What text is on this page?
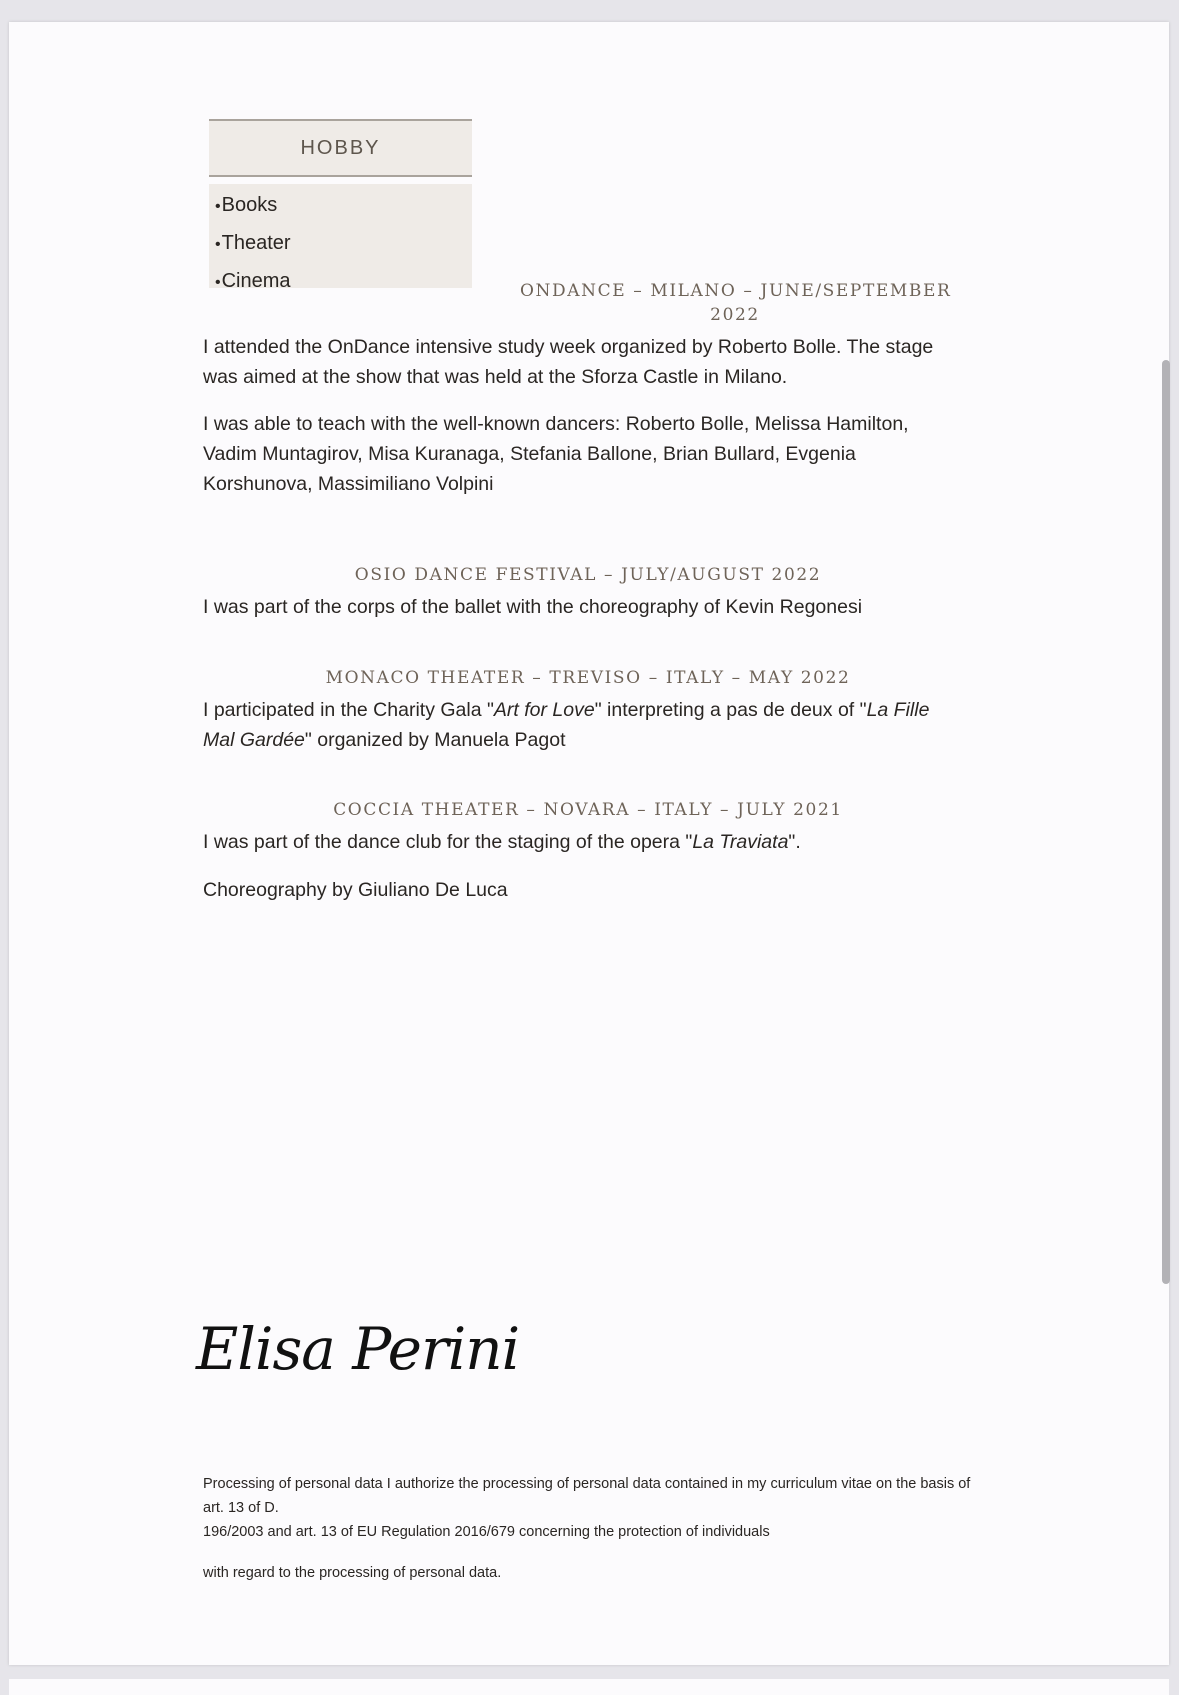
HOBBY
•Books
•Theater
•Cinema	ONDANCE – MILANO – JUNE/SEPTEMBER
2022

I attended the OnDance intensive study week organized by Roberto Bolle. The stage was aimed at the show that was held at the Sforza Castle in Milano.

I was able to teach with the well-known dancers: Roberto Bolle, Melissa Hamilton, Vadim Muntagirov, Misa Kuranaga, Stefania Ballone, Brian Bullard, Evgenia Korshunova, Massimiliano Volpini

OSIO DANCE FESTIVAL – JULY/AUGUST 2022

I was part of the corps of the ballet with the choreography of Kevin Regonesi

MONACO THEATER – TREVISO – ITALY – MAY 2022

I participated in the Charity Gala "Art for Love" interpreting a pas de deux of "La Fille Mal Gardée" organized by Manuela Pagot

COCCIA THEATER – NOVARA – ITALY – JULY 2021

I was part of the dance club for the staging of the opera "La Traviata".

Choreography by Giuliano De Luca

Elisa Perini

Processing of personal data I authorize the processing of personal data contained in my curriculum vitae on the basis of art. 13 of D.

196/2003 and art. 13 of EU Regulation 2016/679 concerning the protection of individuals

with regard to the processing of personal data.
